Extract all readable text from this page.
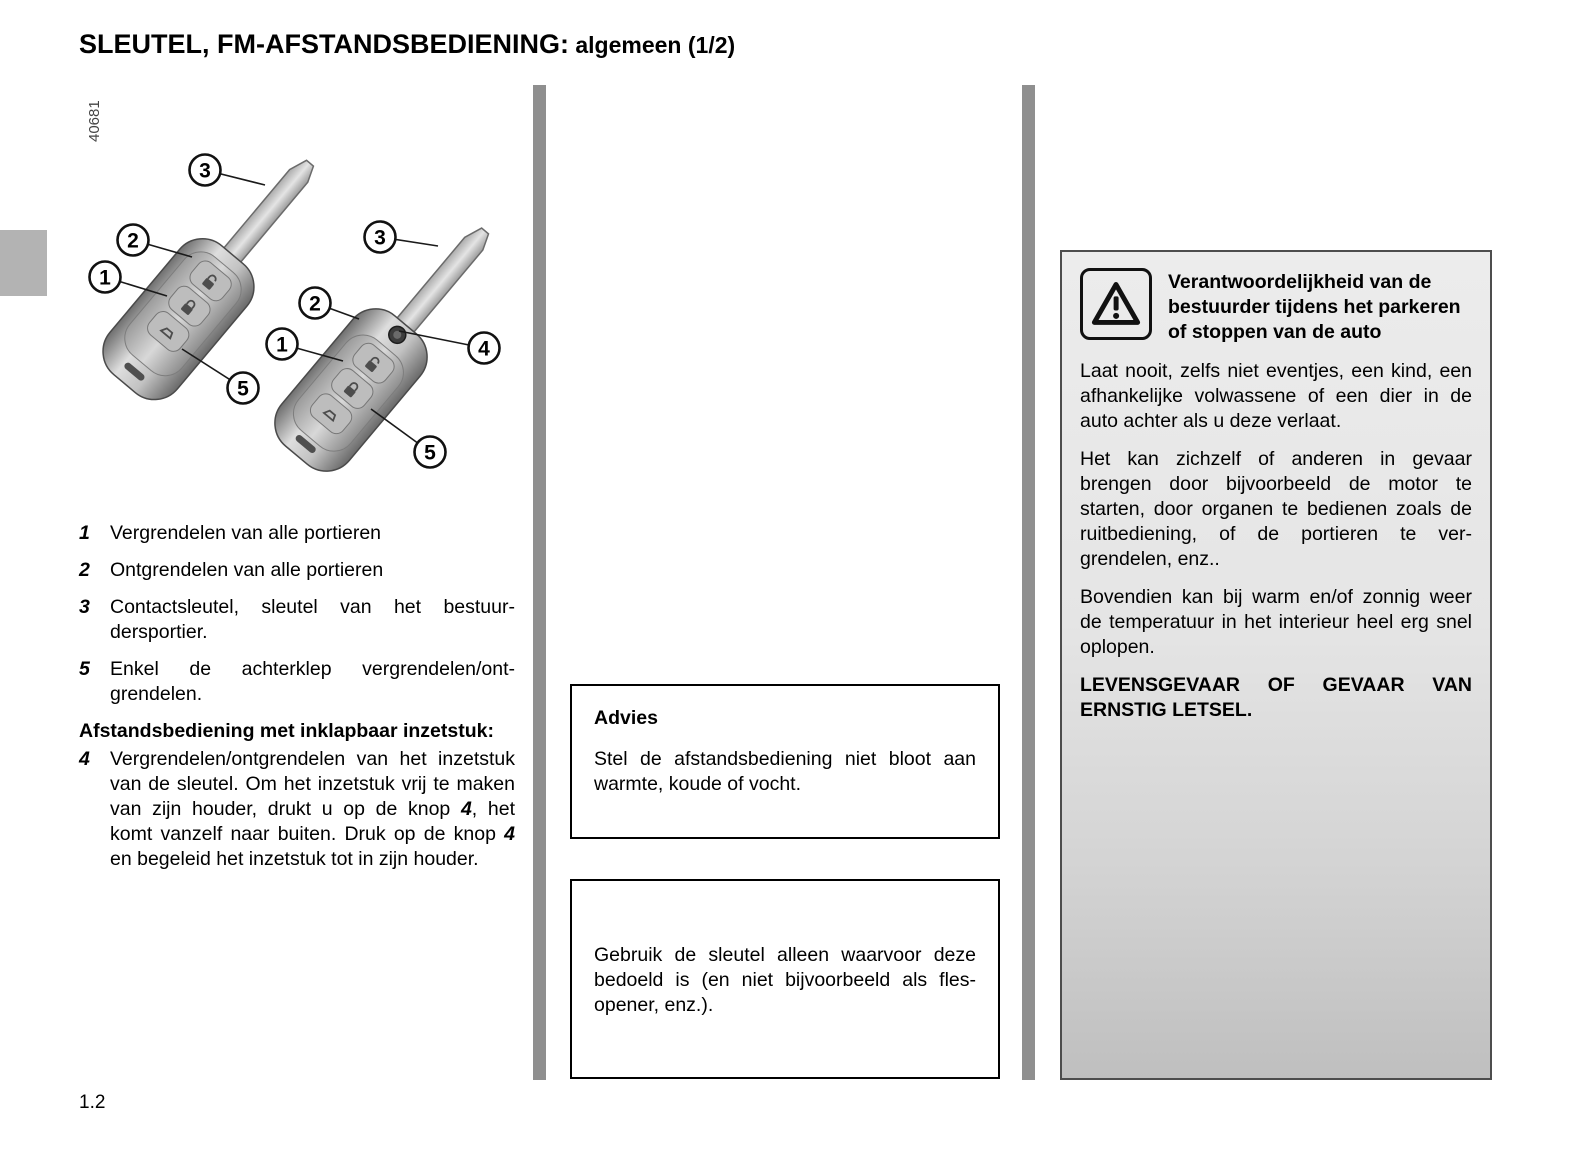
SLEUTEL, FM-AFSTANDSBEDIENING: algemeen (1/2)
40681
3
2
1
5
3
2
1	4
5
1	Vergrendelen van alle portieren
2	Ontgrendelen van alle portieren
3	Contactsleutel, sleutel van het bestuurdersportier.
5	Enkel de achterklep vergrendelen/ontgrendelen.
Afstandsbediening met inklapbaar inzetstuk:
4	Vergrendelen/ontgrendelen van het inzetstuk van de sleutel. Om het inzetstuk vrij te maken van zijn houder, drukt u op de knop 4, het komt vanzelf naar buiten. Druk op de knop 4 en begeleid het inzetstuk tot in zijn houder.

Advies

Stel de afstandsbediening niet bloot aan warmte, koude of vocht.

Gebruik de sleutel alleen waarvoor deze bedoeld is (en niet bijvoorbeeld als flesopener, enz.).

Verantwoordelijkheid van de bestuurder tijdens het parkeren of stoppen van de auto

Laat nooit, zelfs niet eventjes, een kind, een afhankelijke volwassene of een dier in de auto achter als u deze verlaat.

Het kan zichzelf of anderen in gevaar brengen door bijvoorbeeld de motor te starten, door organen te bedienen zoals de ruitbediening, of de portieren te vergrendelen, enz..

Bovendien kan bij warm en/of zonnig weer de temperatuur in het interieur heel erg snel oplopen.

LEVENSGEVAAR OF GEVAAR VAN ERNSTIG LETSEL.

1.2
